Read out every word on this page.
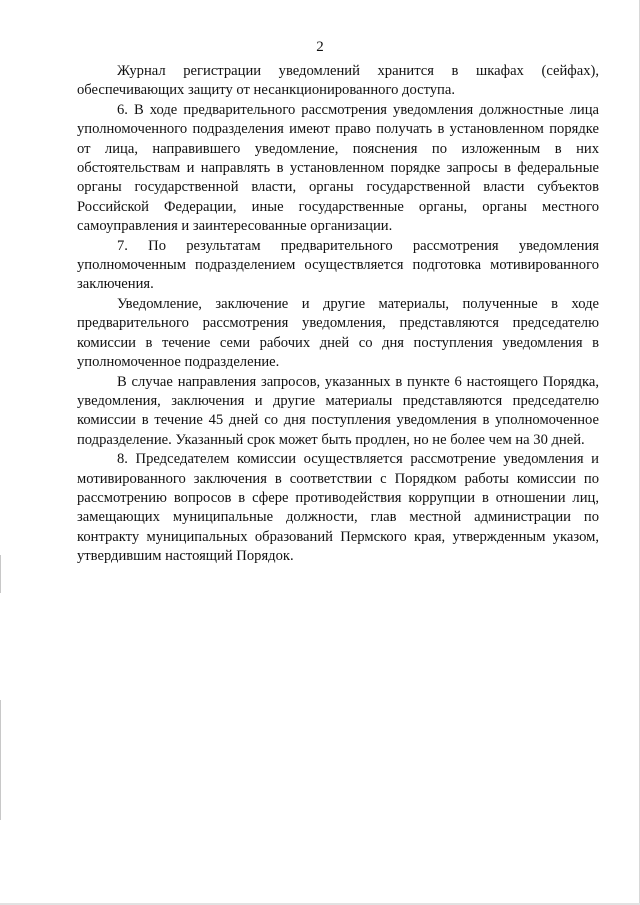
2

Журнал регистрации уведомлений хранится в шкафах (сейфах), обеспечивающих защиту от несанкционированного доступа.

6. В ходе предварительного рассмотрения уведомления должностные лица уполномоченного подразделения имеют право получать в установленном порядке от лица, направившего уведомление, пояснения по изложенным в них обстоятельствам и направлять в установленном порядке запросы в федеральные органы государственной власти, органы государственной власти субъектов Российской Федерации, иные государственные органы, органы местного самоуправления и заинтересованные организации.

7. По результатам предварительного рассмотрения уведомления уполномоченным подразделением осуществляется подготовка мотивированного заключения.

Уведомление, заключение и другие материалы, полученные в ходе предварительного рассмотрения уведомления, представляются председателю комиссии в течение семи рабочих дней со дня поступления уведомления в уполномоченное подразделение.

В случае направления запросов, указанных в пункте 6 настоящего Порядка, уведомления, заключения и другие материалы представляются председателю комиссии в течение 45 дней со дня поступления уведомления в уполномоченное подразделение. Указанный срок может быть продлен, но не более чем на 30 дней.

8. Председателем комиссии осуществляется рассмотрение уведомления и мотивированного заключения в соответствии с Порядком работы комиссии по рассмотрению вопросов в сфере противодействия коррупции в отношении лиц, замещающих муниципальные должности, глав местной администрации по контракту муниципальных образований Пермского края, утвержденным указом, утвердившим настоящий Порядок.
